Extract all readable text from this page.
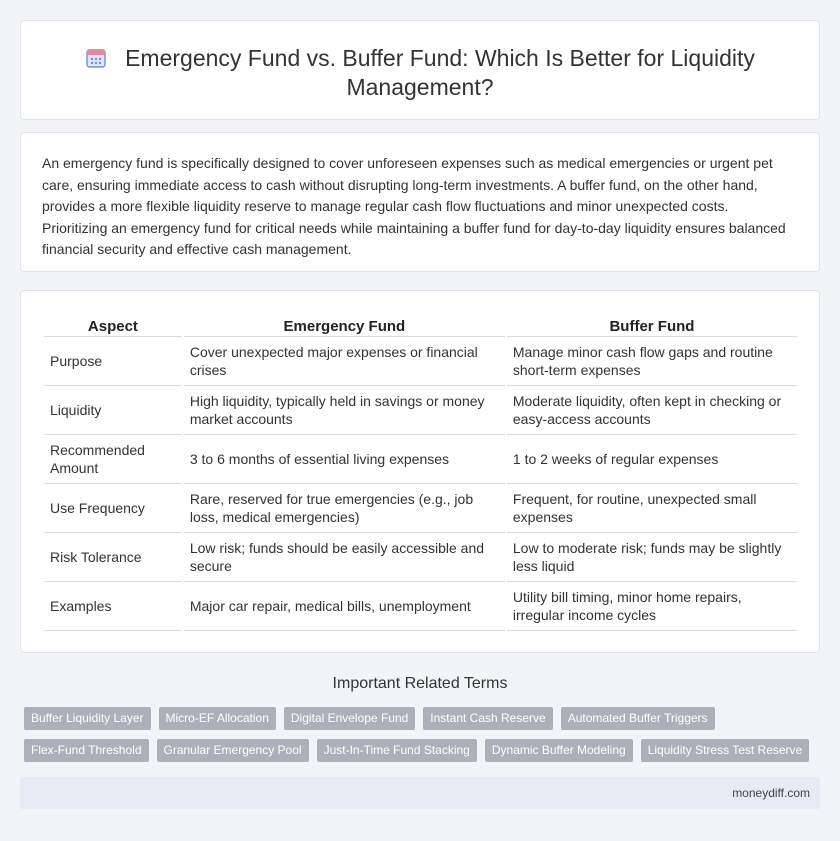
Emergency Fund vs. Buffer Fund: Which Is Better for Liquidity Management?

An emergency fund is specifically designed to cover unforeseen expenses such as medical emergencies or urgent pet care, ensuring immediate access to cash without disrupting long-term investments. A buffer fund, on the other hand, provides a more flexible liquidity reserve to manage regular cash flow fluctuations and minor unexpected costs. Prioritizing an emergency fund for critical needs while maintaining a buffer fund for day-to-day liquidity ensures balanced financial security and effective cash management.

Aspect	Emergency Fund	Buffer Fund
Purpose	Cover unexpected major expenses or financial crises	Manage minor cash flow gaps and routine short-term expenses
Liquidity	High liquidity, typically held in savings or money market accounts	Moderate liquidity, often kept in checking or easy-access accounts
Recommended Amount	3 to 6 months of essential living expenses	1 to 2 weeks of regular expenses
Use Frequency	Rare, reserved for true emergencies (e.g., job loss, medical emergencies)	Frequent, for routine, unexpected small expenses
Risk Tolerance	Low risk; funds should be easily accessible and secure	Low to moderate risk; funds may be slightly less liquid
Examples	Major car repair, medical bills, unemployment	Utility bill timing, minor home repairs, irregular income cycles
Important Related Terms
Buffer Liquidity Layer	Micro-EF Allocation	Digital Envelope Fund	Instant Cash Reserve	Automated Buffer Triggers
Flex-Fund Threshold	Granular Emergency Pool	Just-In-Time Fund Stacking	Dynamic Buffer Modeling	Liquidity Stress Test Reserve
moneydiff.com
